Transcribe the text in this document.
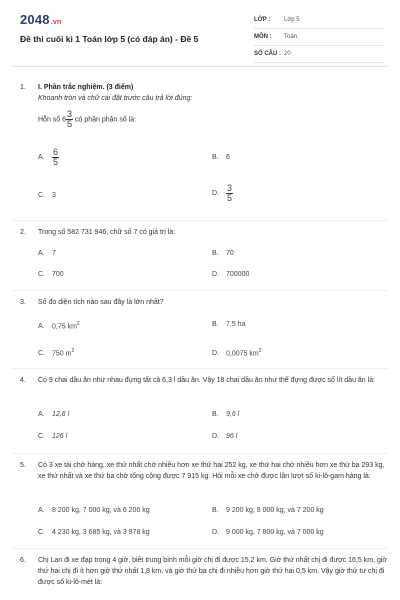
2048.vn
Đề thi cuối kì 1 Toán lớp 5 (có đáp án) - Đề 5
LỚP : Lớp 5
MÔN : Toán
SỐ CÂU : 20
1.	I. Phần trắc nghiệm. (3 điểm)
Khoanh tròn và chữ cái đặt trước câu trả lời đúng:
Hỗn số $6 \frac{3}{5}$ có phần phân số là:
A. $\frac{6}{5}$	B. 6
C. 3	D. $\frac{3}{5}$
2.	Trong số 582 731 946, chữ số 7 có giá trị là:
A. 7	B. 70
C. 700	D. 700000
3.	Số đo diện tích nào sau đây là lớn nhất?
A. 0,75 $km^2$	B. 7,5 ha
C. 750 $m^2$	D. 0,0075 $km^2$
4.	Có 9 chai dầu ăn như nhau đựng tất cả 6,3 l dầu ăn. Vậy 18 chai dầu ăn như thế đựng được số lít dầu ăn là:
A. 12,6 l	B. 9,6 l
C. 126 l	D. 96 l
5.	Có 3 xe tải chở hàng, xe thứ nhất chở nhiều hơn xe thứ hai 252 kg, xe thứ hai chở nhiều hơn xe thứ ba 293 kg, xe thứ nhất và xe thứ ba chở tổng cộng được 7 915 kg. Hỏi mỗi xe chở được lần lượt số ki-lô-gam hàng là:
A. 8 200 kg, 7 000 kg, và 6 200 kg	B. 9 200 kg, 8 000 kg, và 7 200 kg
C. 4 230 kg, 3 685 kg, và 3 978 kg	D. 9 000 kg, 7 800 kg, và 7 000 kg
6.	Chị Lan đi xe đạp trong 4 giờ, biết trung bình mỗi giờ chị đi được 15,2 km. Giờ thứ nhất chị đi được 16,5 km, giờ thứ hai chị đi ít hơn giờ thứ nhất 1,8 km, và giờ thứ ba chị đi nhiều hơn giờ thứ hai 0,5 km. Vậy giờ thứ tư chị đi được số ki-lô-mét là:
